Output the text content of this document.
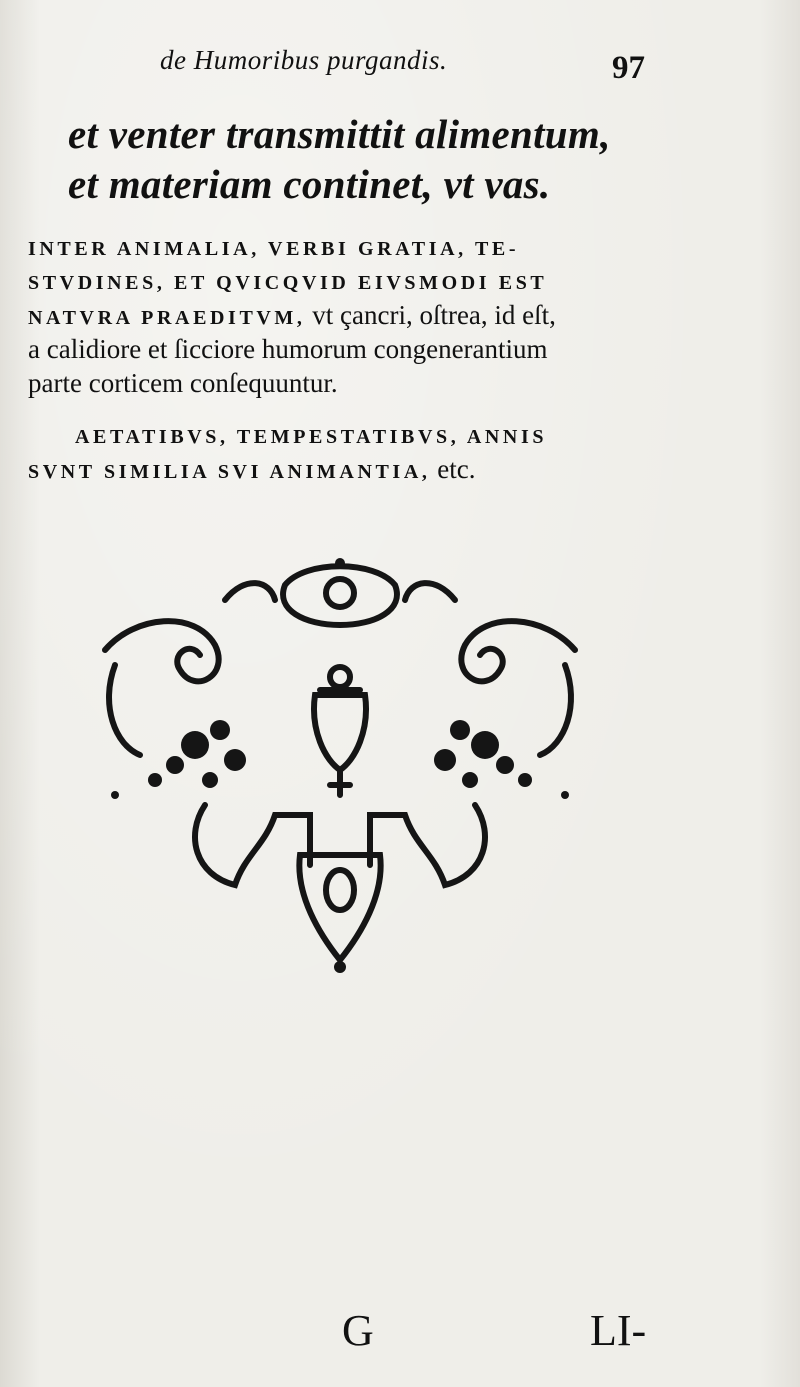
de Humoribus purgandis.	97
et venter transmittit alimentum,
et materiam continet, vt vas.
INTER ANIMALIA, VERBI GRATIA, TE-
STVDINES, ET QVICQVID EIVSMODI EST
NATVRA PRAEDITVM, vt çancri, oſtrea, id eſt,
a calidiore et ſicciore humorum congenerantium
parte corticem conſequuntur.
AETATIBVS, TEMPESTATIBVS, ANNIS
SVNT SIMILIA SVI ANIMANTIA, etc.
G	LI-
